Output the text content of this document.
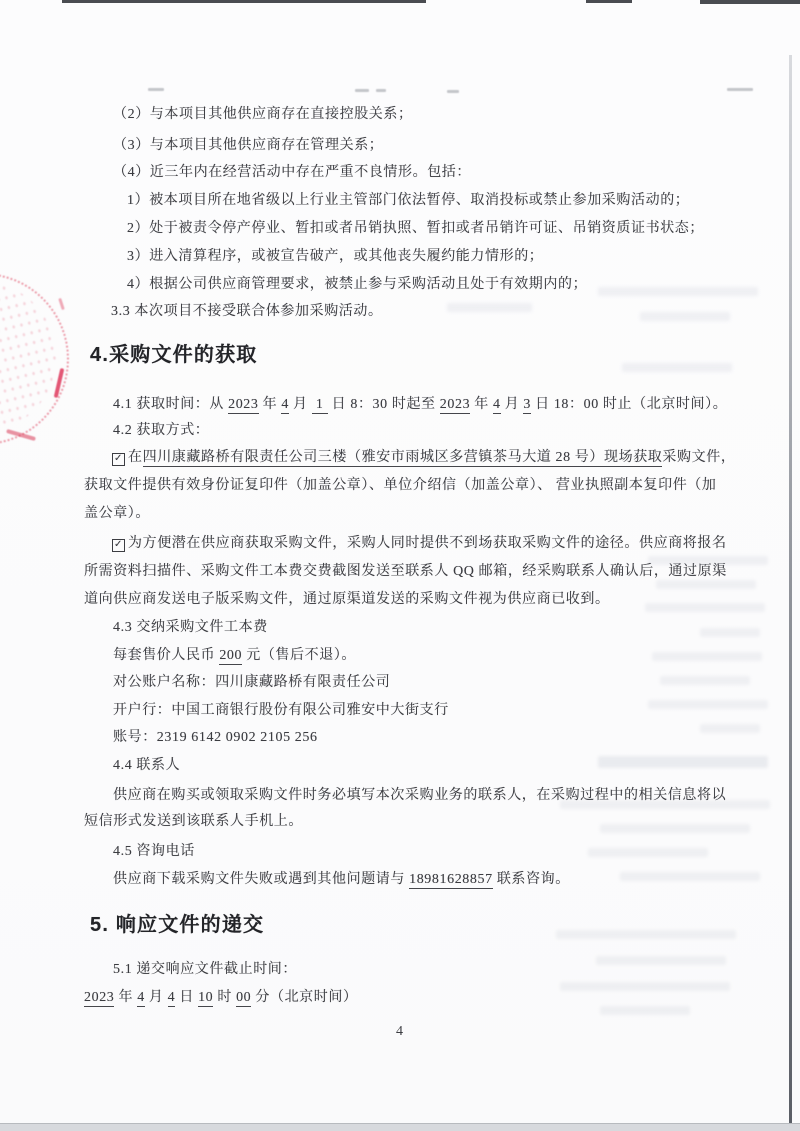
（2）与本项目其他供应商存在直接控股关系；
（3）与本项目其他供应商存在管理关系；
（4）近三年内在经营活动中存在严重不良情形。包括：
1）被本项目所在地省级以上行业主管部门依法暂停、取消投标或禁止参加采购活动的；
2）处于被责令停产停业、暂扣或者吊销执照、暂扣或者吊销许可证、吊销资质证书状态；
3）进入清算程序，或被宣告破产，或其他丧失履约能力情形的；
4）根据公司供应商管理要求，被禁止参与采购活动且处于有效期内的；
3.3 本次项目不接受联合体参加采购活动。
4.采购文件的获取
4.1 获取时间：从 2023 年 4 月  1  日 8：30 时起至 2023 年 4 月 3 日 18：00 时止（北京时间）。
4.2 获取方式：
✓ 在四川康藏路桥有限责任公司三楼（雅安市雨城区多营镇茶马大道 28 号）现场获取采购文件，
获取文件提供有效身份证复印件（加盖公章）、单位介绍信（加盖公章）、 营业执照副本复印件（加
盖公章）。
✓ 为方便潜在供应商获取采购文件，采购人同时提供不到场获取采购文件的途径。供应商将报名
所需资料扫描件、采购文件工本费交费截图发送至联系人 QQ 邮箱，经采购联系人确认后，通过原渠
道向供应商发送电子版采购文件，通过原渠道发送的采购文件视为供应商已收到。
4.3 交纳采购文件工本费
每套售价人民币 200 元（售后不退）。
对公账户名称：四川康藏路桥有限责任公司
开户行：中国工商银行股份有限公司雅安中大街支行
账号：2319 6142 0902 2105 256
4.4 联系人
供应商在购买或领取采购文件时务必填写本次采购业务的联系人，在采购过程中的相关信息将以
短信形式发送到该联系人手机上。
4.5 咨询电话
供应商下载采购文件失败或遇到其他问题请与 18981628857 联系咨询。
5. 响应文件的递交
5.1 递交响应文件截止时间：
2023 年 4 月 4 日 10 时 00 分（北京时间）
4
